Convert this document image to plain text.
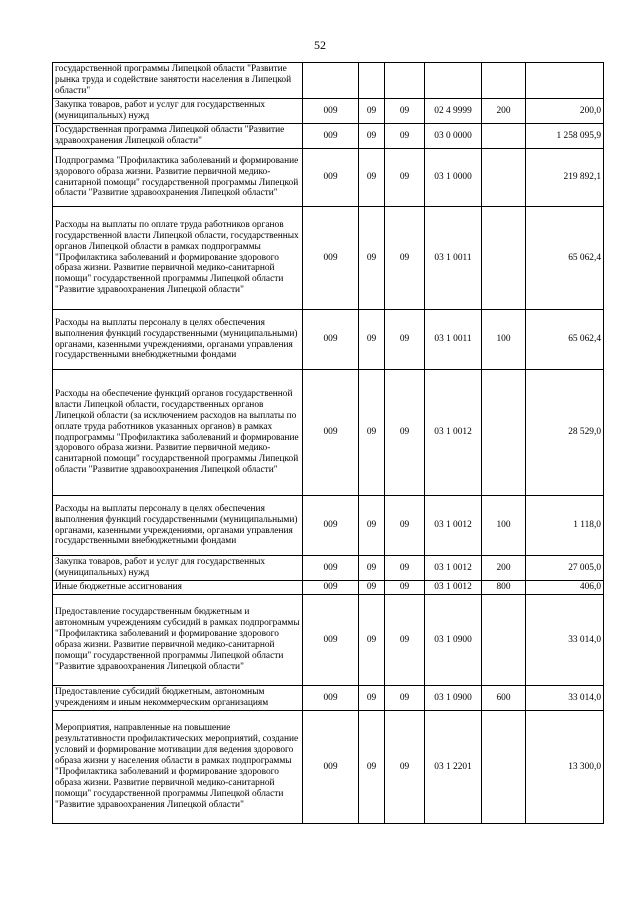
52
государственной программы Липецкой области "Развитие рынка труда и содействие занятости населения в Липецкой области"						
Закупка товаров, работ и услуг для государственных (муниципальных) нужд	009	09	09	02 4 9999	200	200,0
Государственная программа Липецкой области "Развитие здравоохранения Липецкой области"	009	09	09	03 0 0000		1 258 095,9
Подпрограмма "Профилактика заболеваний и формирование здорового образа жизни. Развитие первичной медико-санитарной помощи" государственной программы Липецкой области "Развитие здравоохранения Липецкой области"	009	09	09	03 1 0000		219 892,1
Расходы на выплаты по оплате труда работников органов государственной власти Липецкой области, государственных органов Липецкой области в рамках подпрограммы "Профилактика заболеваний и формирование здорового образа жизни. Развитие первичной медико-санитарной помощи" государственной программы Липецкой области "Развитие здравоохранения Липецкой области"	009	09	09	03 1 0011		65 062,4
Расходы на выплаты персоналу в целях обеспечения выполнения функций государственными (муниципальными) органами, казенными учреждениями, органами управления государственными внебюджетными фондами	009	09	09	03 1 0011	100	65 062,4
Расходы на обеспечение функций органов государственной власти Липецкой области, государственных органов Липецкой области (за исключением расходов на выплаты по оплате труда работников указанных органов) в рамках подпрограммы "Профилактика заболеваний и формирование здорового образа жизни. Развитие первичной медико-санитарной помощи" государственной программы Липецкой области "Развитие здравоохранения Липецкой области"	009	09	09	03 1 0012		28 529,0
Расходы на выплаты персоналу в целях обеспечения выполнения функций государственными (муниципальными) органами, казенными учреждениями, органами управления государственными внебюджетными фондами	009	09	09	03 1 0012	100	1 118,0
Закупка товаров, работ и услуг для государственных (муниципальных) нужд	009	09	09	03 1 0012	200	27 005,0
Иные бюджетные ассигнования	009	09	09	03 1 0012	800	406,0
Предоставление государственным бюджетным и автономным учреждениям субсидий в рамках подпрограммы "Профилактика заболеваний и формирование здорового образа жизни. Развитие первичной медико-санитарной помощи" государственной программы Липецкой области "Развитие здравоохранения Липецкой области"	009	09	09	03 1 0900		33 014,0
Предоставление субсидий бюджетным, автономным учреждениям и иным некоммерческим организациям	009	09	09	03 1 0900	600	33 014,0
Мероприятия, направленные на повышение результативности профилактических мероприятий, создание условий и формирование мотивации для ведения здорового образа жизни у населения области в рамках подпрограммы "Профилактика заболеваний и формирование здорового образа жизни. Развитие первичной медико-санитарной помощи" государственной программы Липецкой области "Развитие здравоохранения Липецкой области"	009	09	09	03 1 2201		13 300,0
